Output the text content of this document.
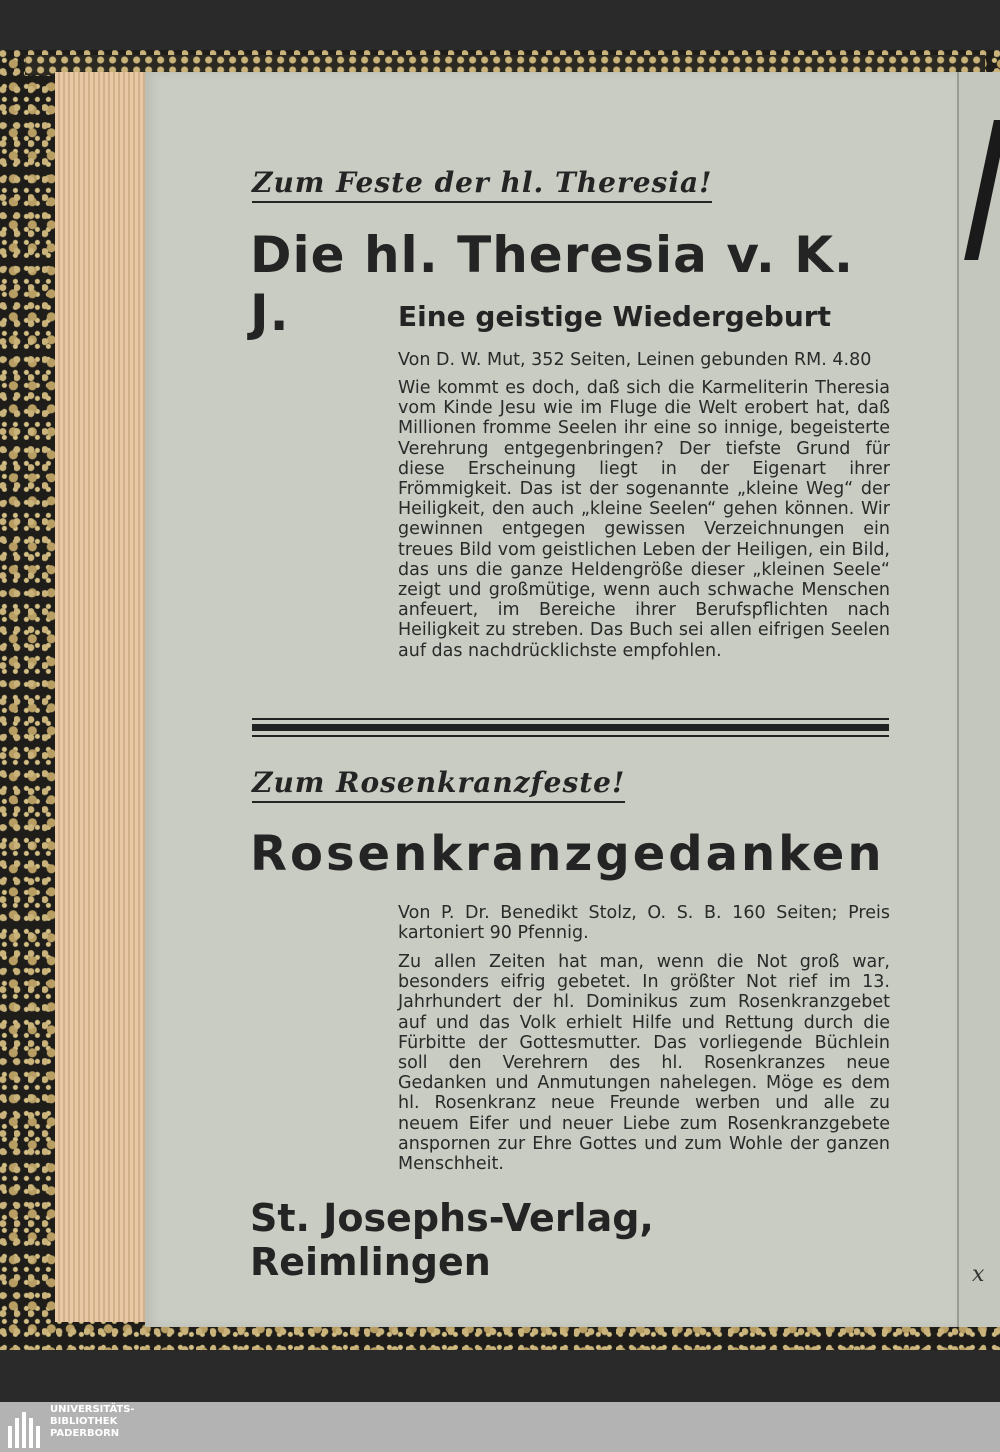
Zum Feste der hl. Theresia!
Die hl. Theresia v. K. J.	Eine geistige Wiedergeburt

Von D. W. Mut, 352 Seiten, Leinen gebunden RM. 4.80

Wie kommt es doch, daß sich die Karmeliterin Theresia vom Kinde Jesu wie im Fluge die Welt erobert hat, daß Millionen fromme Seelen ihr eine so innige, begeisterte Verehrung entgegenbringen? Der tiefste Grund für diese Erscheinung liegt in der Eigenart ihrer Frömmigkeit. Das ist der sogenannte „kleine Weg“ der Heiligkeit, den auch „kleine Seelen“ gehen können. Wir gewinnen entgegen gewissen Verzeichnungen ein treues Bild vom geistlichen Leben der Heiligen, ein Bild, das uns die ganze Heldengröße dieser „kleinen Seele“ zeigt und großmütige, wenn auch schwache Menschen anfeuert, im Bereiche ihrer Berufspflichten nach Heiligkeit zu streben. Das Buch sei allen eifrigen Seelen auf das nachdrücklichste empfohlen.

Zum Rosenkranzfeste!
Rosenkranzgedanken

Von P. Dr. Benedikt Stolz, O. S. B. 160 Seiten; Preis kartoniert 90 Pfennig.

Zu allen Zeiten hat man, wenn die Not groß war, besonders eifrig gebetet. In größter Not rief im 13. Jahrhundert der hl. Dominikus zum Rosenkranzgebet auf und das Volk erhielt Hilfe und Rettung durch die Fürbitte der Gottesmutter. Das vorliegende Büchlein soll den Verehrern des hl. Rosenkranzes neue Gedanken und Anmutungen nahelegen. Möge es dem hl. Rosenkranz neue Freunde werben und alle zu neuem Eifer und neuer Liebe zum Rosenkranzgebete anspornen zur Ehre Gottes und zum Wohle der ganzen Menschheit.

St. Josephs-Verlag, Reimlingen	x

UNIVERSITÄTS-
BIBLIOTHEK
PADERBORN
